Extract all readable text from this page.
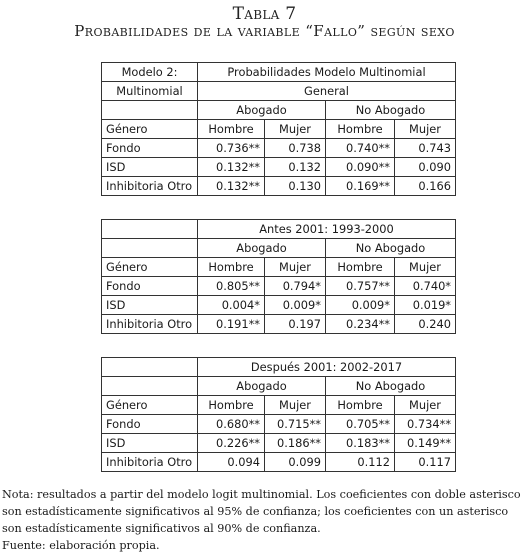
Tabla 7
Probabilidades de la variable “Fallo” según sexo
Modelo 2:	Probabilidades Modelo Multinomial			
Multinomial	General			
	Abogado		No Abogado	
Género	Hombre	Mujer	Hombre	Mujer
Fondo	0.736**	0.738	0.740**	0.743
ISD	0.132**	0.132	0.090**	0.090
Inhibitoria Otro	0.132**	0.130	0.169**	0.166
	Antes 2001: 1993-2000			
	Abogado		No Abogado	
Género	Hombre	Mujer	Hombre	Mujer
Fondo	0.805**	0.794*	0.757**	0.740*
ISD	0.004*	0.009*	0.009*	0.019*
Inhibitoria Otro	0.191**	0.197	0.234**	0.240
	Después 2001: 2002-2017			
	Abogado		No Abogado	
Género	Hombre	Mujer	Hombre	Mujer
Fondo	0.680**	0.715**	0.705**	0.734**
ISD	0.226**	0.186**	0.183**	0.149**
Inhibitoria Otro	0.094	0.099	0.112	0.117
Nota: resultados a partir del modelo logit multinomial. Los coeficientes con doble asterisco son estadísticamente significativos al 95% de confianza; los coeficientes con un asterisco son estadísticamente significativos al 90% de confianza.
Fuente: elaboración propia.
